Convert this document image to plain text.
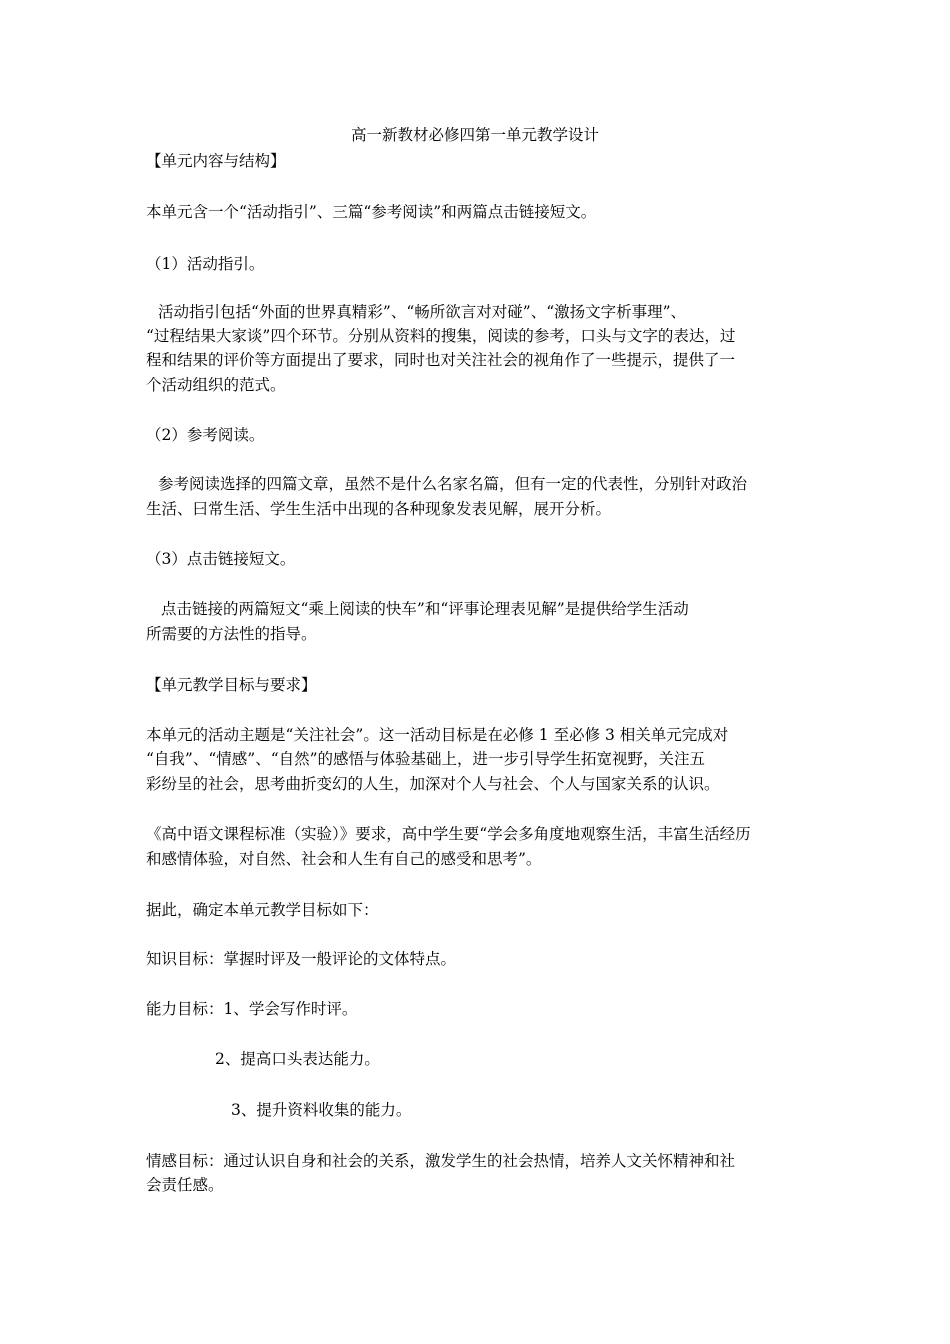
高一新教材必修四第一单元教学设计

【单元内容与结构】

本单元含一个“活动指引”、三篇“参考阅读”和两篇点击链接短文。

（1）活动指引。

活动指引包括“外面的世界真精彩”、“畅所欲言对对碰”、“激扬文字析事理”、

“过程结果大家谈”四个环节。分别从资料的搜集，阅读的参考，口头与文字的表达，过

程和结果的评价等方面提出了要求，同时也对关注社会的视角作了一些提示，提供了一

个活动组织的范式。

（2）参考阅读。

参考阅读选择的四篇文章，虽然不是什么名家名篇，但有一定的代表性，分别针对政治

生活、曰常生活、学生生活中出现的各种现象发表见解，展开分析。

（3）点击链接短文。

点击链接的两篇短文“乘上阅读的快车”和“评事论理表见解”是提供给学生活动

所需要的方法性的指导。

【单元教学目标与要求】

本单元的活动主题是“关注社会”。这一活动目标是在必修 1 至必修 3 相关单元完成对

“自我”、“情感”、“自然”的感悟与体验基础上，进一步引导学生拓宽视野，关注五

彩纷呈的社会，思考曲折变幻的人生，加深对个人与社会、个人与国家关系的认识。

《高中语文课程标准（实验）》要求，高中学生要“学会多角度地观察生活，丰富生活经历

和感情体验，对自然、社会和人生有自己的感受和思考”。

据此，确定本单元教学目标如下：

知识目标：掌握时评及一般评论的文体特点。

能力目标：1、学会写作时评。

2、提高口头表达能力。

3、提升资料收集的能力。

情感目标：通过认识自身和社会的关系，激发学生的社会热情，培养人文关怀精神和社

会责任感。
